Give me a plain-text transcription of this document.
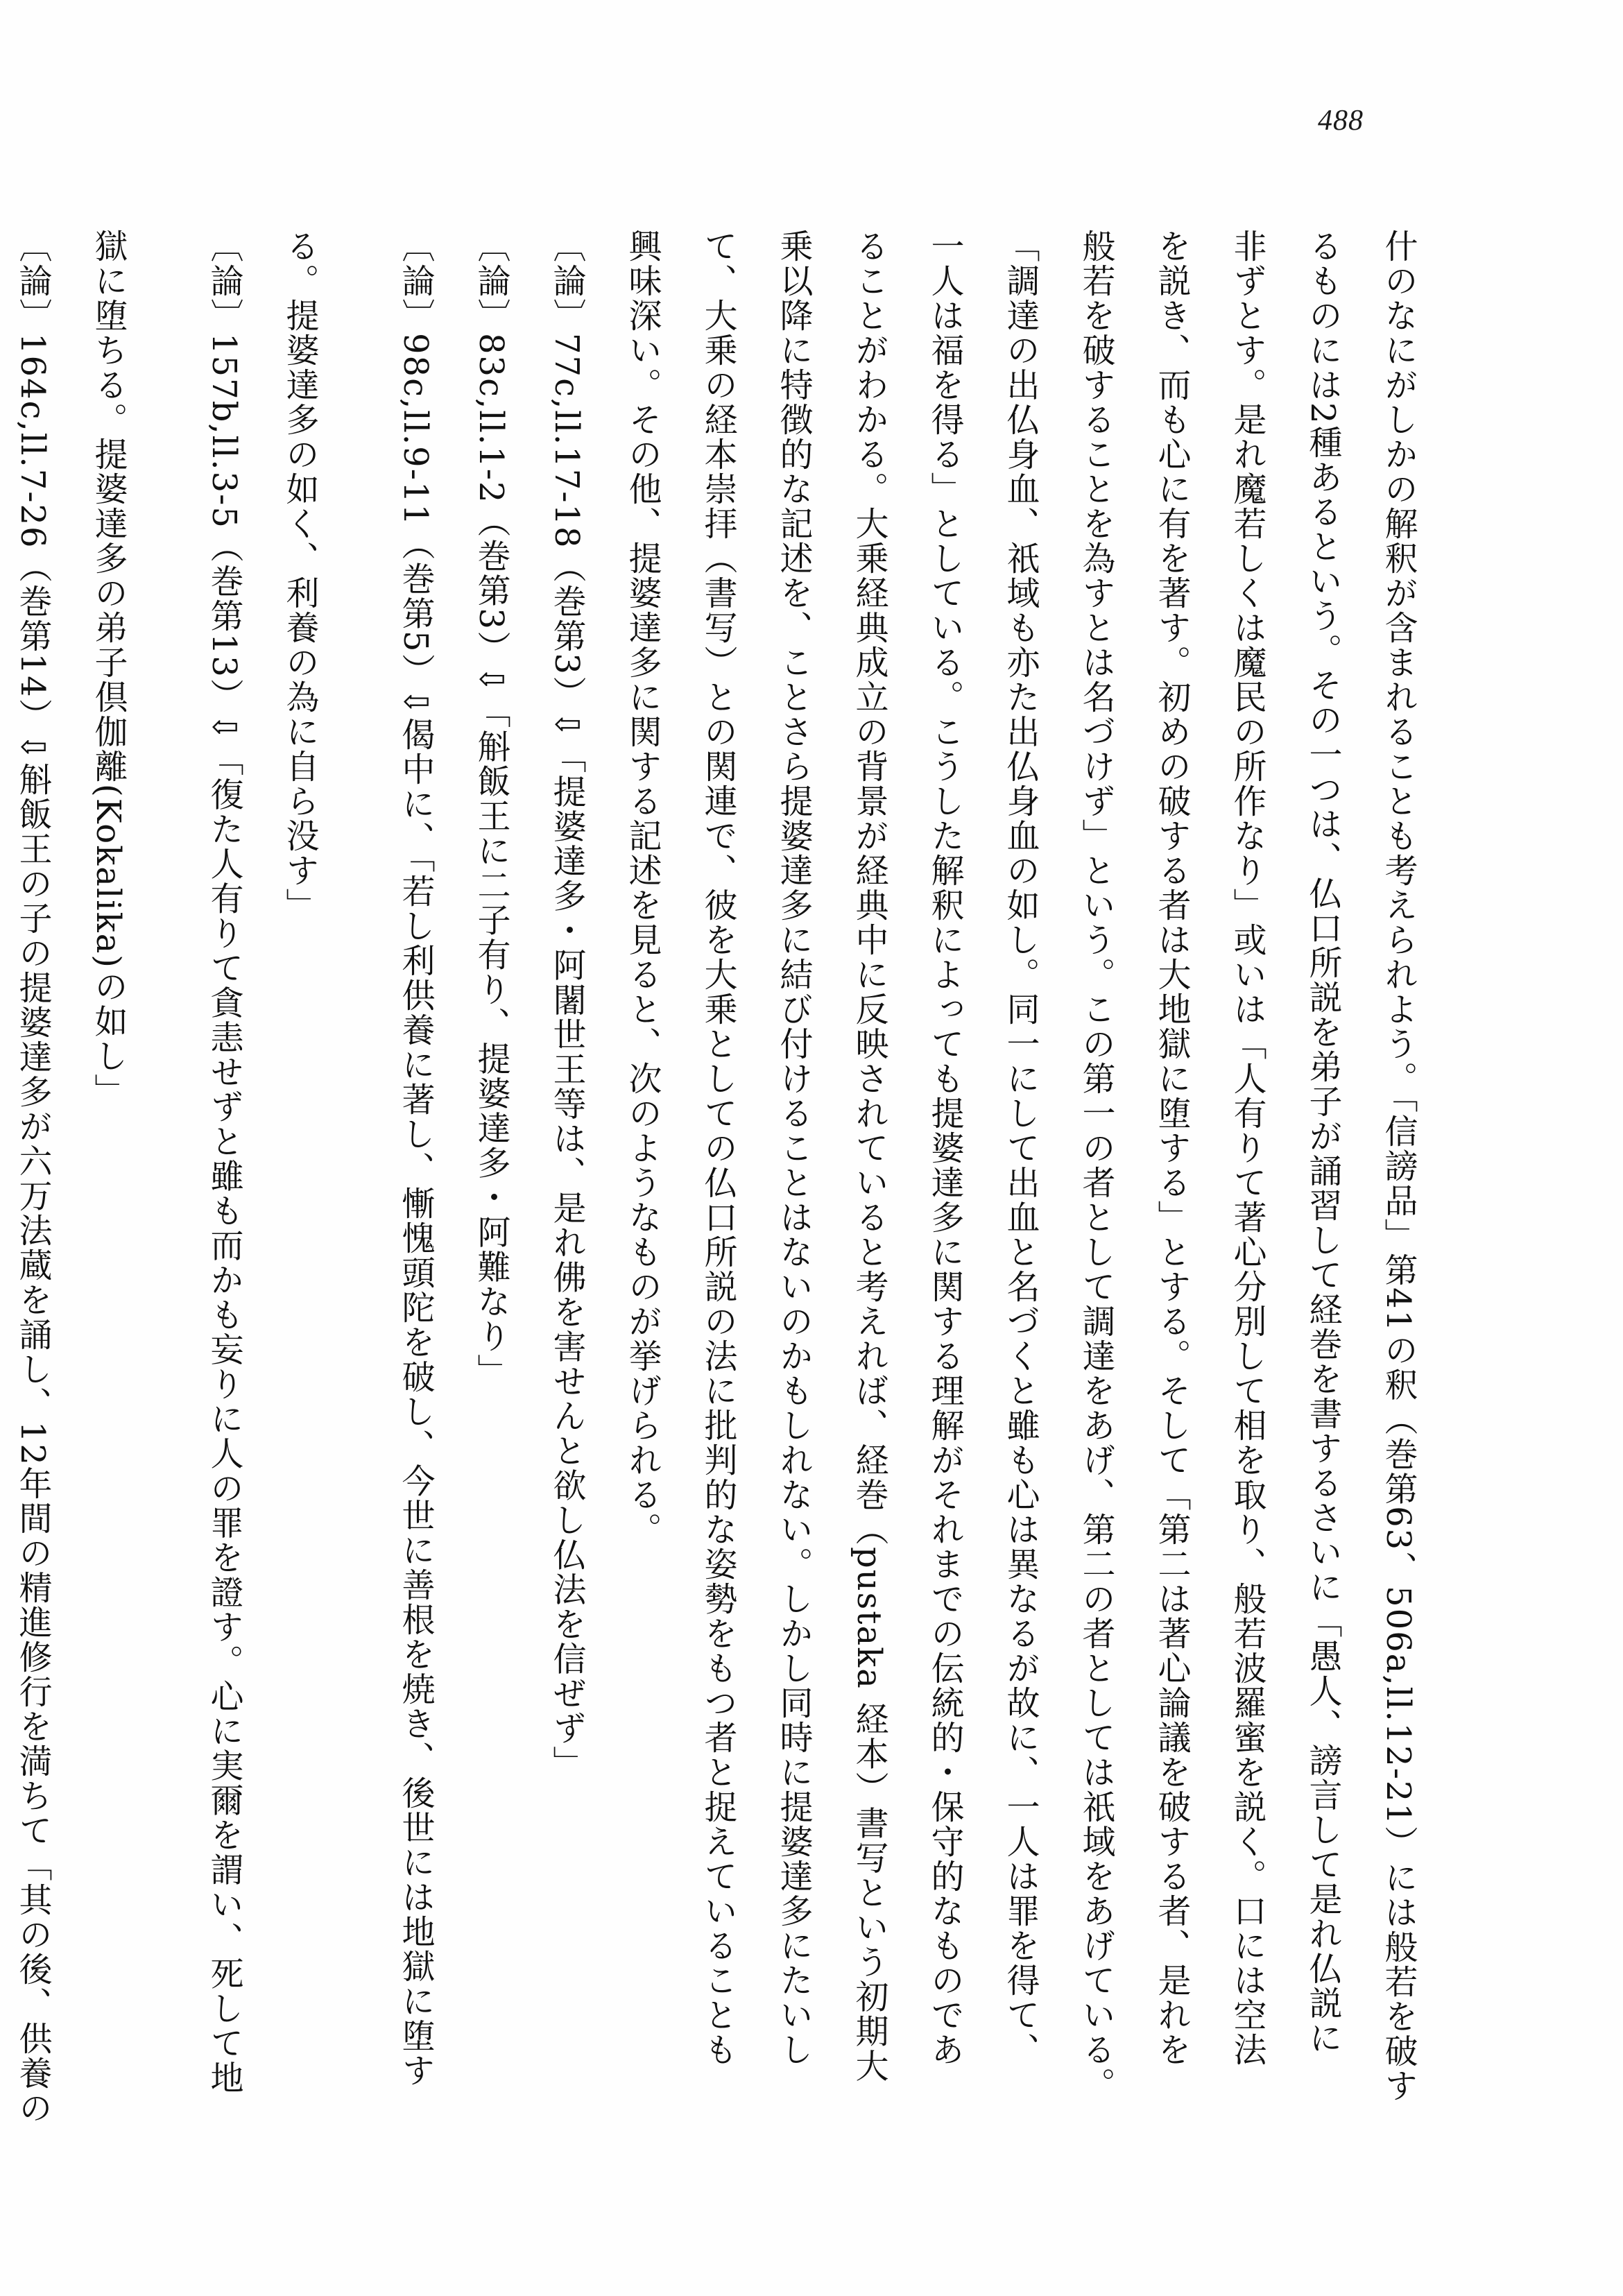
488
什のなにがしかの解釈が含まれることも考えられよう。「信謗品」第41の釈（巻第63、506a,ll.12-21）には般若を破す
るものには2種あるという。その一つは、仏口所説を弟子が誦習して経巻を書するさいに「愚人、謗言して是れ仏説に
非ずとす。是れ魔若しくは魔民の所作なり」或いは「人有りて著心分別して相を取り、般若波羅蜜を説く。口には空法
を説き、而も心に有を著す。初めの破する者は大地獄に堕する」とする。そして「第二は著心論議を破する者、是れを
般若を破することを為すとは名づけず」という。この第一の者として調達をあげ、第二の者としては祇域をあげている。
「調達の出仏身血、祇域も亦た出仏身血の如し。同一にして出血と名づくと雖も心は異なるが故に、一人は罪を得て、
一人は福を得る」としている。こうした解釈によっても提婆達多に関する理解がそれまでの伝統的・保守的なものであ
ることがわかる。大乗経典成立の背景が経典中に反映されていると考えれば、経巻（pustaka 経本）書写という初期大
乗以降に特徴的な記述を、ことさら提婆達多に結び付けることはないのかもしれない。しかし同時に提婆達多にたいし
て、大乗の経本崇拝（書写）との関連で、彼を大乗としての仏口所説の法に批判的な姿勢をもつ者と捉えていることも
興味深い。その他、提婆達多に関する記述を見ると、次のようなものが挙げられる。
〔論〕77c,ll.17-18（巻第3）⇩「提婆達多・阿闍世王等は、是れ佛を害せんと欲し仏法を信ぜず」
〔論〕83c,ll.1-2（巻第3）⇩「斛飯王に二子有り、提婆達多・阿難なり」
〔論〕98c,ll.9-11（巻第5）⇩偈中に、「若し利供養に著し、慚愧頭陀を破し、今世に善根を焼き、後世には地獄に堕す
る。提婆達多の如く、利養の為に自ら没す」
〔論〕157b,ll.3-5（巻第13）⇩「復た人有りて貪恚せずと雖も而かも妄りに人の罪を證す。心に実爾を謂い、死して地
獄に堕ちる。提婆達多の弟子倶伽離(Kokalika)の如し」
〔論〕164c,ll.7-26（巻第14）⇩斛飯王の子の提婆達多が六万法蔵を誦し、12年間の精進修行を満ちて「其の後、供養の
